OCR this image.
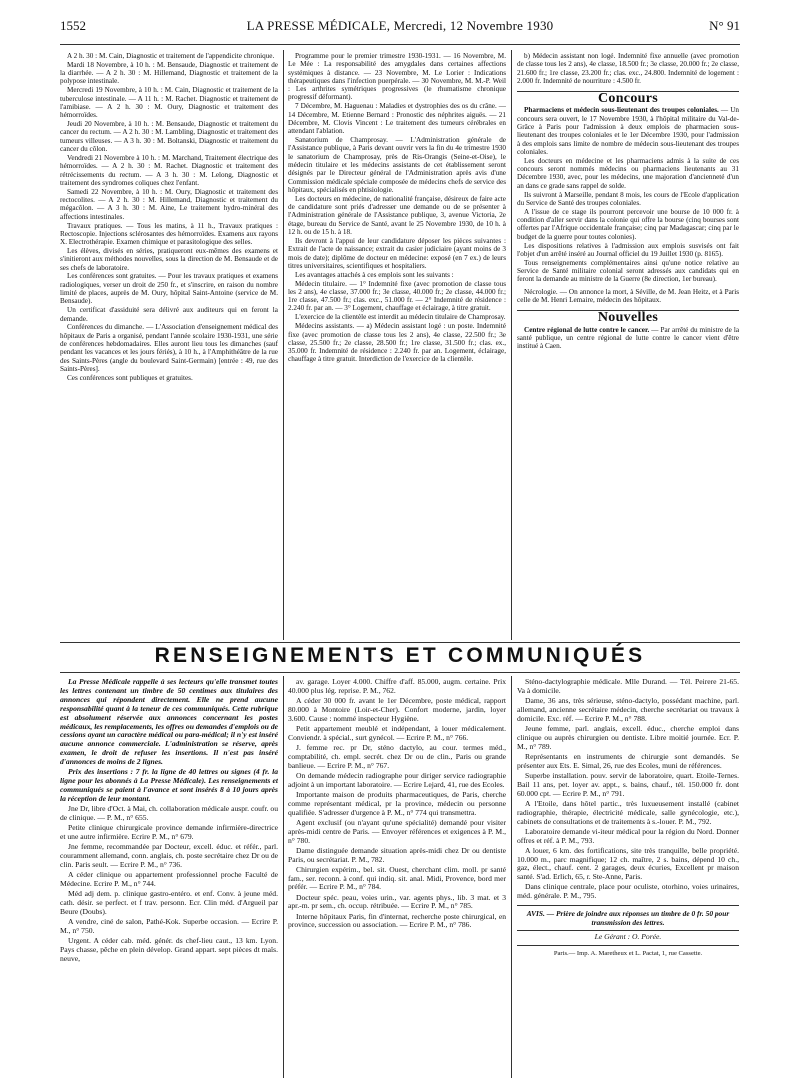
1552	LA PRESSE MÉDICALE, Mercredi, 12 Novembre 1930	N° 91

A 2 h. 30 : M. Cain, Diagnostic et traitement de l'appendicite chronique.

Mardi 18 Novembre, à 10 h. : M. Bensaude, Diagnostic et traitement de la diarrhée. — A 2 h. 30 : M. Hillemand, Diagnostic et traitement de la polypose intestinale.

Mercredi 19 Novembre, à 10 h. : M. Cain, Diagnostic et traitement de la tuberculose intestinale. — A 11 h. : M. Rachet. Diagnostic et traitement de l'amibiase. — A 2 h. 30 : M. Oury, Diagnostic et traitement des hémorroïdes.

Jeudi 20 Novembre, à 10 h. : M. Bensaude, Diagnostic et traitement du cancer du rectum. — A 2 h. 30 : M. Lambling, Diagnostic et traitement des tumeurs villeuses. — A 3 h. 30 : M. Boltanski, Diagnostic et traitement du cancer du côlon.

Vendredi 21 Novembre à 10 h. : M. Marchand, Traitement électrique des hémorroïdes. — A 2 h. 30 : M. Rachet. Diagnostic et traitement des rétrécissements du rectum. — A 3 h. 30 : M. Lelong, Diagnostic et traitement des syndromes coliques chez l'enfant.

Samedi 22 Novembre, à 10 h. : M. Oury, Diagnostic et traitement des rectocolites. — A 2 h. 30 : M. Hillemand, Diagnostic et traitement du mégacôlon. — A 3 h. 30 : M. Aine, Le traitement hydro-minéral des affections intestinales.

Travaux pratiques. — Tous les matins, à 11 h., Travaux pratiques : Rectoscopie. Injections sclérosantes des hémorroïdes. Examens aux rayons X. Electrothérapie. Examen chimique et parasitologique des selles.

Les élèves, divisés en séries, pratiqueront eux-mêmes des examens et s'initieront aux méthodes nouvelles, sous la direction de M. Bensaude et de ses chefs de laboratoire.

Les conférences sont gratuites. — Pour les travaux pratiques et examens radiologiques, verser un droit de 250 fr., et s'inscrire, en raison du nombre limité de places, auprès de M. Oury, hôpital Saint-Antoine (service de M. Bensaude).

Un certificat d'assiduité sera délivré aux auditeurs qui en feront la demande.

Conférences du dimanche. — L'Association d'enseignement médical des hôpitaux de Paris a organisé, pendant l'année scolaire 1930-1931, une série de conférences hebdomadaires. Elles auront lieu tous les dimanches (sauf pendant les vacances et les jours fériés), à 10 h., à l'Amphithéâtre de la rue des Saints-Pères (angle du boulevard Saint-Germain) [entrée : 49, rue des Saints-Pères].

Ces conférences sont publiques et gratuites.

Programme pour le premier trimestre 1930-1931. — 16 Novembre, M. Le Mée : La responsabilité des amygdales dans certaines affections systémiques à distance. — 23 Novembre, M. Le Lorier : Indications thérapeutiques dans l'infection puerpérale. — 30 Novembre, M. M.-P. Weil : Les arthrites symétriques progressives (le rhumatisme chronique progressif déformant).

7 Décembre, M. Haguenau : Maladies et dystrophies des os du crâne. — 14 Décembre, M. Etienne Bernard : Pronostic des néphrites aiguës. — 21 Décembre, M. Clovis Vincent : Le traitement des tumeurs cérébrales en attendant l'ablation.

Sanatorium de Champrosay. — L'Administration générale de l'Assistance publique, à Paris devant ouvrir vers la fin du 4e trimestre 1930 le sanatorium de Champrosay, près de Ris-Orangis (Seine-et-Oise), le médecin titulaire et les médecins assistants de cet établissement seront désignés par le Directeur général de l'Administration après avis d'une Commission médicale spéciale composée de médecins chefs de service des hôpitaux, spécialisés en phtisiologie.

Les docteurs en médecine, de nationalité française, désireux de faire acte de candidature sont priés d'adresser une demande ou de se présenter à l'Administration générale de l'Assistance publique, 3, avenue Victoria, 2e étage, bureau du Service de Santé, avant le 25 Novembre 1930, de 10 h. à 12 h. ou de 15 h. à 18.

Ils devront à l'appui de leur candidature déposer les pièces suivantes : Extrait de l'acte de naissance; extrait du casier judiciaire (ayant moins de 3 mois de date); diplôme de docteur en médecine: exposé (en 7 ex.) de leurs titres universitaires, scientifiques et hospitaliers.

Les avantages attachés à ces emplois sont les suivants :

Médecin titulaire. — 1° Indemnité fixe (avec promotion de classe tous les 2 ans), 4e classe, 37.000 fr.; 3e classe, 40.000 fr.; 2e classe, 44.000 fr.; 1re classe, 47.500 fr.; clas. exc., 51.000 fr. — 2° Indemnité de résidence : 2.240 fr. par an. — 3° Logement, chauffage et éclairage, à titre gratuit.

L'exercice de la clientèle est interdit au médecin titulaire de Champrosay.

Médecins assistants. — a) Médecin assistant logé : un poste. Indemnité fixe (avec promotion de classe tous les 2 ans), 4e classe, 22.500 fr.; 3e classe, 25.500 fr.; 2e classe, 28.500 fr.; 1re classe, 31.500 fr.; clas. ex., 35.000 fr. Indemnité de résidence : 2.240 fr. par an. Logement, éclairage, chauffage à titre gratuit. Interdiction de l'exercice de la clientèle.

b) Médecin assistant non logé. Indemnité fixe annuelle (avec promotion de classe tous les 2 ans), 4e classe, 18.500 fr.; 3e classe, 20.000 fr.; 2e classe, 21.600 fr.; 1re classe, 23.200 fr.; clas. exc., 24.800. Indemnité de logement : 2.000 fr. Indemnité de nourriture : 4.500 fr.

Concours

Pharmaciens et médecin sous-lieutenant des troupes coloniales. — Un concours sera ouvert, le 17 Novembre 1930, à l'hôpital militaire du Val-de-Grâce à Paris pour l'admission à deux emplois de pharmacien sous-lieutenant des troupes coloniales et le 1er Décembre 1930, pour l'admission à des emplois sans limite de nombre de médecin sous-lieutenant des troupes coloniales.

Les docteurs en médecine et les pharmaciens admis à la suite de ces concours seront nommés médecins ou pharmaciens lieutenants au 31 Décembre 1930, avec, pour les médecins, une majoration d'ancienneté d'un an dans ce grade sans rappel de solde.

Ils suivront à Marseille, pendant 8 mois, les cours de l'Ecole d'application du Service de Santé des troupes coloniales.

A l'issue de ce stage ils pourront percevoir une bourse de 10 000 fr. à condition d'aller servir dans la colonie qui offre la bourse (cinq bourses sont offertes par l'Afrique occidentale française; cinq par Madagascar; cinq par le budget de la guerre pour toutes colonies).

Les dispositions relatives à l'admission aux emplois susvisés ont fait l'objet d'un arrêté inséré au Journal officiel du 19 Juillet 1930 (p. 8165).

Tous renseignements complémentaires ainsi qu'une notice relative au Service de Santé militaire colonial seront adressés aux candidats qui en feront la demande au ministre de la Guerre (8e direction, 1er bureau).

Nécrologie. — On annonce la mort, à Séville, de M. Jean Heitz, et à Paris celle de M. Henri Lemaire, médecin des hôpitaux.

Nouvelles

Centre régional de lutte contre le cancer. — Par arrêté du ministre de la santé publique, un centre régional de lutte contre le cancer vient d'être institué à Caen.

RENSEIGNEMENTS ET COMMUNIQUÉS

La Presse Médicale rappelle à ses lecteurs qu'elle transmet toutes les lettres contenant un timbre de 50 centimes aux titulaires des annonces qui répondent directement. Elle ne prend aucune responsabilité quant à la teneur de ces communiqués. Cette rubrique est absolument réservée aux annonces concernant les postes médicaux, les remplacements, les offres ou demandes d'emplois ou de cessions ayant un caractère médical ou para-médical; il n'y est inséré aucune annonce commerciale. L'administration se réserve, après examen, le droit de refuser les insertions. Il n'est pas inséré d'annonces de moins de 2 lignes.

Prix des insertions : 7 fr. la ligne de 40 lettres ou signes (4 fr. la ligne pour les abonnés à La Presse Médicale). Les renseignements et communiqués se paient à l'avance et sont insérés 8 à 10 jours après la réception de leur montant.

Jne Dr, libre d'Oct. à Mai, ch. collaboration médicale auspr. coufr. ou de clinique. — P. M., n° 655.

Petite clinique chirurgicale province demande infirmière-directrice et une autre infirmière. Ecrire P. M., n° 679.

Jne femme, recommandée par Docteur, excell. éduc. et référ., parl. couramment allemand, conn. anglais, ch. poste secrétaire chez Dr ou de clin. Paris seult. — Ecrire P. M., n° 736.

A céder clinique ou appartement professionnel proche Faculté de Médecine. Ecrire P. M., n° 744.

Méd adj dem. p. clinique gastro-entéro. et enf. Conv. à jeune méd. cath. désir. se perfect. et f trav. personn. Ecr. Clin méd. d'Argueil par Beure (Doubs).

A vendre, ciné de salon, Pathé-Kok. Superbe occasion. — Ecrire P. M., n° 750.

Urgent. A céder cab. méd. génér. ds chef-lieu caut., 13 km. Lyon. Pays chasse, pêche en plein dévelop. Grand appart. sept pièces dt maïs. neuve,

av. garage. Loyer 4.000. Chiffre d'aff. 85.000, augm. certaine. Prix 40.000 plus lég. reprise. P. M., 762.

A céder 30 000 fr. avant le 1er Décembre, poste médical, rapport 80.000 à Montoire (Loir-et-Cher). Confort moderne, jardin, loyer 3.600. Cause : nommé inspecteur Hygiène.

Petit appartement meublé et indépendant, à louer médicalement. Conviendr. à spécial., surt gynécol. — Ecrire P. M., n° 766.

J. femme rec. pr Dr, sténo dactylo, au cour. termes méd., comptabilité, ch. empl. secrét. chez Dr ou de clin., Paris ou grande banlieue. — Ecrire P. M., n° 767.

On demande médecin radiographe pour diriger service radiographie adjoint à un important laboratoire. — Ecrire Lejard, 41, rue des Ecoles.

Importante maison de produits pharmaceutiques, de Paris, cherche comme représentant médical, pr la province, médecin ou personne qualifiée. S'adresser d'urgence à P. M., n° 774 qui transmettra.

Agent exclusif (ou n'ayant qu'une spécialité) demandé pour visiter après-midi centre de Paris. — Envoyer références et exigences à P. M., n° 780.

Dame distinguée demande situation après-midi chez Dr ou dentiste Paris, ou secrétariat. P. M., 782.

Chirurgien expérim., bel. sit. Ouest, cherchant clim. moll. pr santé fam., ser. reconn. à conf. qui indiq. sit. anal. Midi, Provence, bord mer préfér. — Ecrire P. M., n° 784.

Docteur spéc. peau, voies urin., var. agents phys., lib. 3 mat. et 3 apr.-m. pr sem., ch. occup. rétribuée. — Ecrire P. M., n° 785.

Interne hôpitaux Paris, fin d'internat, recherche poste chirurgical, en province, succession ou association. — Ecrire P. M., n° 786.

Sténo-dactylographie médicale. Mlle Durand. — Tél. Peirere 21-65. Va à domicile.

Dame, 36 ans, très sérieuse, sténo-dactylo, possédant machine, parl. allemand, ancienne secrétaire médecin, cherche secrétariat ou travaux à domicile. Exc. réf. — Ecrire P. M., n° 788.

Jeune femme, parl. anglais, excell. éduc., cherche emploi dans clinique ou auprès chirurgien ou dentiste. Libre moitié journée. Ecr. P. M., n° 789.

Représentants en instruments de chirurgie sont demandés. Se présenter aux Ets. E. Simal, 26, rue des Ecoles, muni de références.

Superbe installation. pouv. servir de laboratoire, quart. Etoile-Ternes. Bail 11 ans, pet. loyer av. appt., s. bains, chauf., tél. 150.000 fr. dont 60.000 cpt. — Ecrire P. M., n° 791.

A l'Etoile, dans hôtel partic., très luxueusement installé (cabinet radiographie, thérapie, électricité médicale, salle gynécologie, etc.), cabinets de consultations et de traitements à s.-louer. P. M., 792.

Laboratoire demande vi-iteur médical pour la région du Nord. Donner offres et réf. à P. M., 793.

A louer, 6 km. des fortifications, site très tranquille, belle propriété. 10.000 m., parc magnifique; 12 ch. maître, 2 s. bains, dépend 10 ch., gaz, élect., chauf. cent. 2 garages, deux écuries, Excellent pr maison santé. S'ad. Erlich, 65, r. Ste-Anne, Paris.

Dans clinique centrale, place pour oculiste, otorhino, voies urinaires, méd. générale. P. M., 795.

AVIS. — Prière de joindre aux réponses un timbre de 0 fr. 50 pour transmission des lettres.
Le Gérant : O. Porée.
Paris.— Imp. A. Maretheux et L. Pactat, 1, rue Cassette.
